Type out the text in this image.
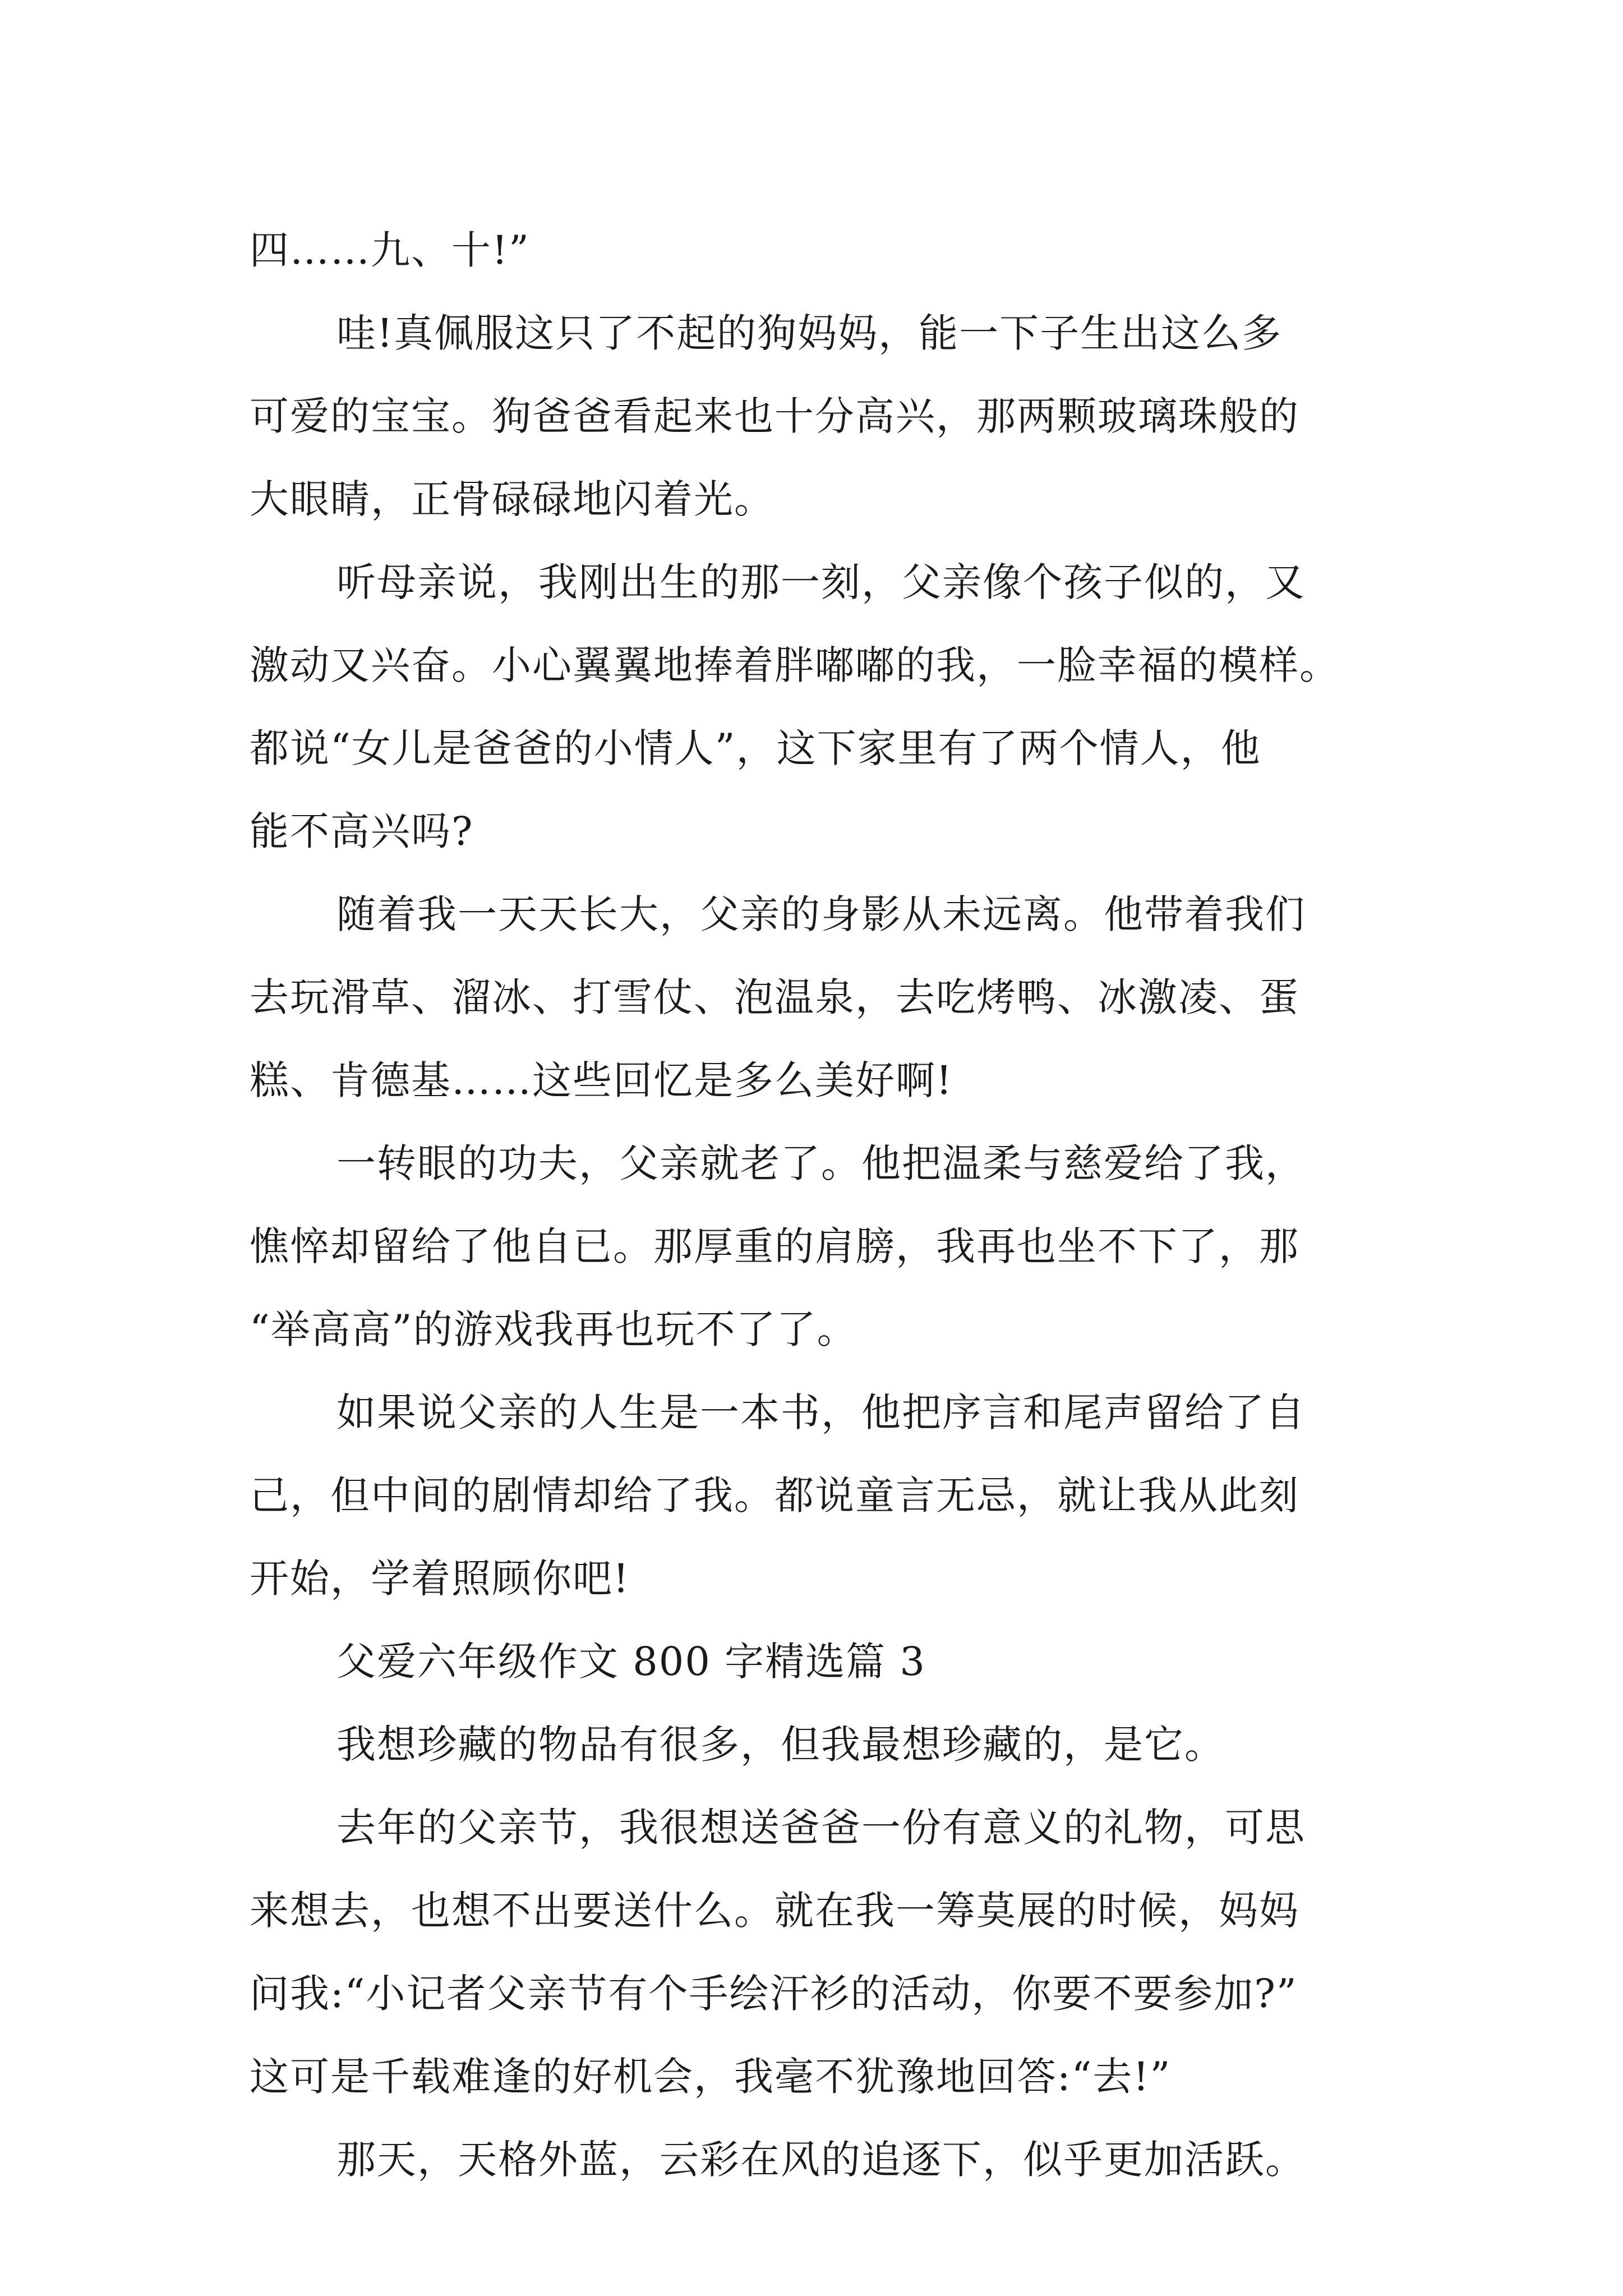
四……九、十!”
哇!真佩服这只了不起的狗妈妈，能一下子生出这么多
可爱的宝宝。狗爸爸看起来也十分高兴，那两颗玻璃珠般的
大眼睛，正骨碌碌地闪着光。
听母亲说，我刚出生的那一刻，父亲像个孩子似的，又
激动又兴奋。小心翼翼地捧着胖嘟嘟的我，一脸幸福的模样。
都说“女儿是爸爸的小情人”，这下家里有了两个情人，他
能不高兴吗?
随着我一天天长大，父亲的身影从未远离。他带着我们
去玩滑草、溜冰、打雪仗、泡温泉，去吃烤鸭、冰激凌、蛋
糕、肯德基……这些回忆是多么美好啊!
一转眼的功夫，父亲就老了。他把温柔与慈爱给了我，
憔悴却留给了他自已。那厚重的肩膀，我再也坐不下了，那
“举高高”的游戏我再也玩不了了。
如果说父亲的人生是一本书，他把序言和尾声留给了自
己，但中间的剧情却给了我。都说童言无忌，就让我从此刻
开始，学着照顾你吧!
父爱六年级作文 800 字精选篇 3
我想珍藏的物品有很多，但我最想珍藏的，是它。
去年的父亲节，我很想送爸爸一份有意义的礼物，可思
来想去，也想不出要送什么。就在我一筹莫展的时候，妈妈
问我:“小记者父亲节有个手绘汗衫的活动，你要不要参加?”
这可是千载难逢的好机会，我毫不犹豫地回答:“去!”
那天，天格外蓝，云彩在风的追逐下，似乎更加活跃。
